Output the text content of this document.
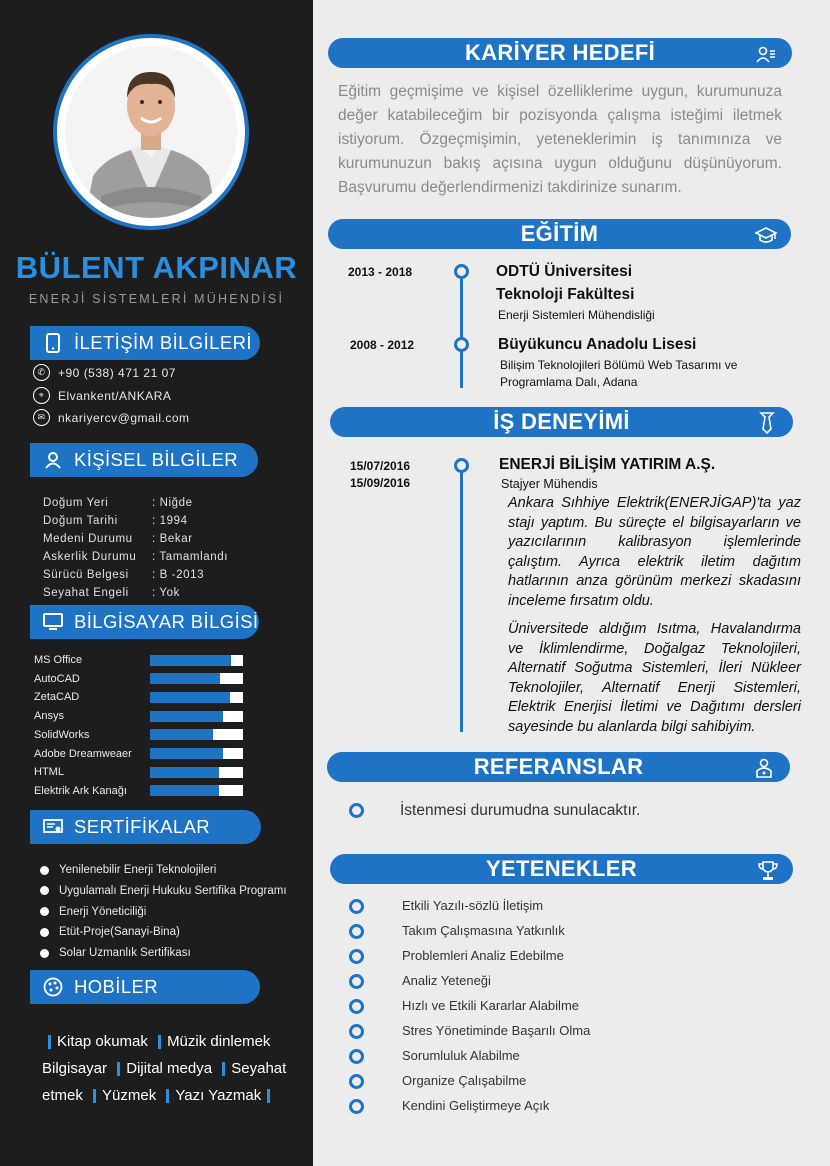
BÜLENT AKPINAR
ENERJİ SİSTEMLERİ MÜHENDİSİ
İLETİŞİM BİLGİLERİ
✆	+90 (538) 471 21 07
⌖	Elvankent/ANKARA
✉	nkariyercv@gmail.com
KİŞİSEL BİLGİLER
Doğum Yeri	: Niğde
Doğum Tarihi	: 1994
Medeni Durumu	: Bekar
Askerlik Durumu	: Tamamlandı
Sürücü Belgesi	: B -2013
Seyahat Engeli	: Yok
BİLGİSAYAR BİLGİSİ
MS Office
AutoCAD
ZetaCAD
Ansys
SolidWorks
Adobe Dreamweaer
HTML
Elektrik Ark Kanağı
SERTİFİKALAR
Yenilenebilir Enerji Teknolojileri
Uygulamalı Enerji Hukuku Sertifika Programı
Enerji Yöneticiliği
Etüt-Proje(Sanayi-Bina)
Solar Uzmanlık Sertifikası
HOBİLER
Kitap okumak Müzik dinlemek Bilgisayar Dijital medya Seyahat etmek Yüzmek Yazı Yazmak
KARİYER HEDEFİ
Eğitim geçmişime ve kişisel özelliklerime uygun, kurumunuza değer katabileceğim bir pozisyonda çalışma isteğimi iletmek istiyorum. Özgeçmişimin, yeteneklerimin iş tanımınıza ve kurumunuzun bakış açısına uygun olduğunu düşünüyorum. Başvurumu değerlendirmenizi takdirinize sunarım.
EĞİTİM
2013 - 2018	ODTÜ Üniversitesi
Teknoloji Fakültesi
Enerji Sistemleri Mühendisliği
2008 - 2012	Büyükuncu Anadolu Lisesi
Bilişim Teknolojileri Bölümü Web Tasarımı ve Programlama Dalı, Adana
İŞ DENEYİMİ
15/07/2016
15/09/2016
ENERJİ BİLİŞİM YATIRIM A.Ş.
Stajyer Mühendis
Ankara Sıhhiye Elektrik(ENERJİGAP)'ta yaz stajı yaptım. Bu süreçte el bilgisayarların ve yazıcılarının kalibrasyon işlemlerinde çalıştım. Ayrıca elektrik iletim dağıtım hatlarının anza görünüm merkezi skadasını inceleme fırsatım oldu.
Üniversitede aldığım Isıtma, Havalandırma ve İklimlendirme, Doğalgaz Teknolojileri, Alternatif Soğutma Sistemleri, İleri Nükleer Teknolojiler, Alternatif Enerji Sistemleri, Elektrik Enerjisi İletimi ve Dağıtımı dersleri sayesinde bu alanlarda bilgi sahibiyim.
REFERANSLAR
İstenmesi durumudna sunulacaktır.
YETENEKLER
Etkili Yazılı-sözlü İletişim
Takım Çalışmasına Yatkınlık
Problemleri Analiz Edebilme
Analiz Yeteneği
Hızlı ve Etkili Kararlar Alabilme
Stres Yönetiminde Başarılı Olma
Sorumluluk Alabilme
Organize Çalışabilme
Kendini Geliştirmeye Açık
